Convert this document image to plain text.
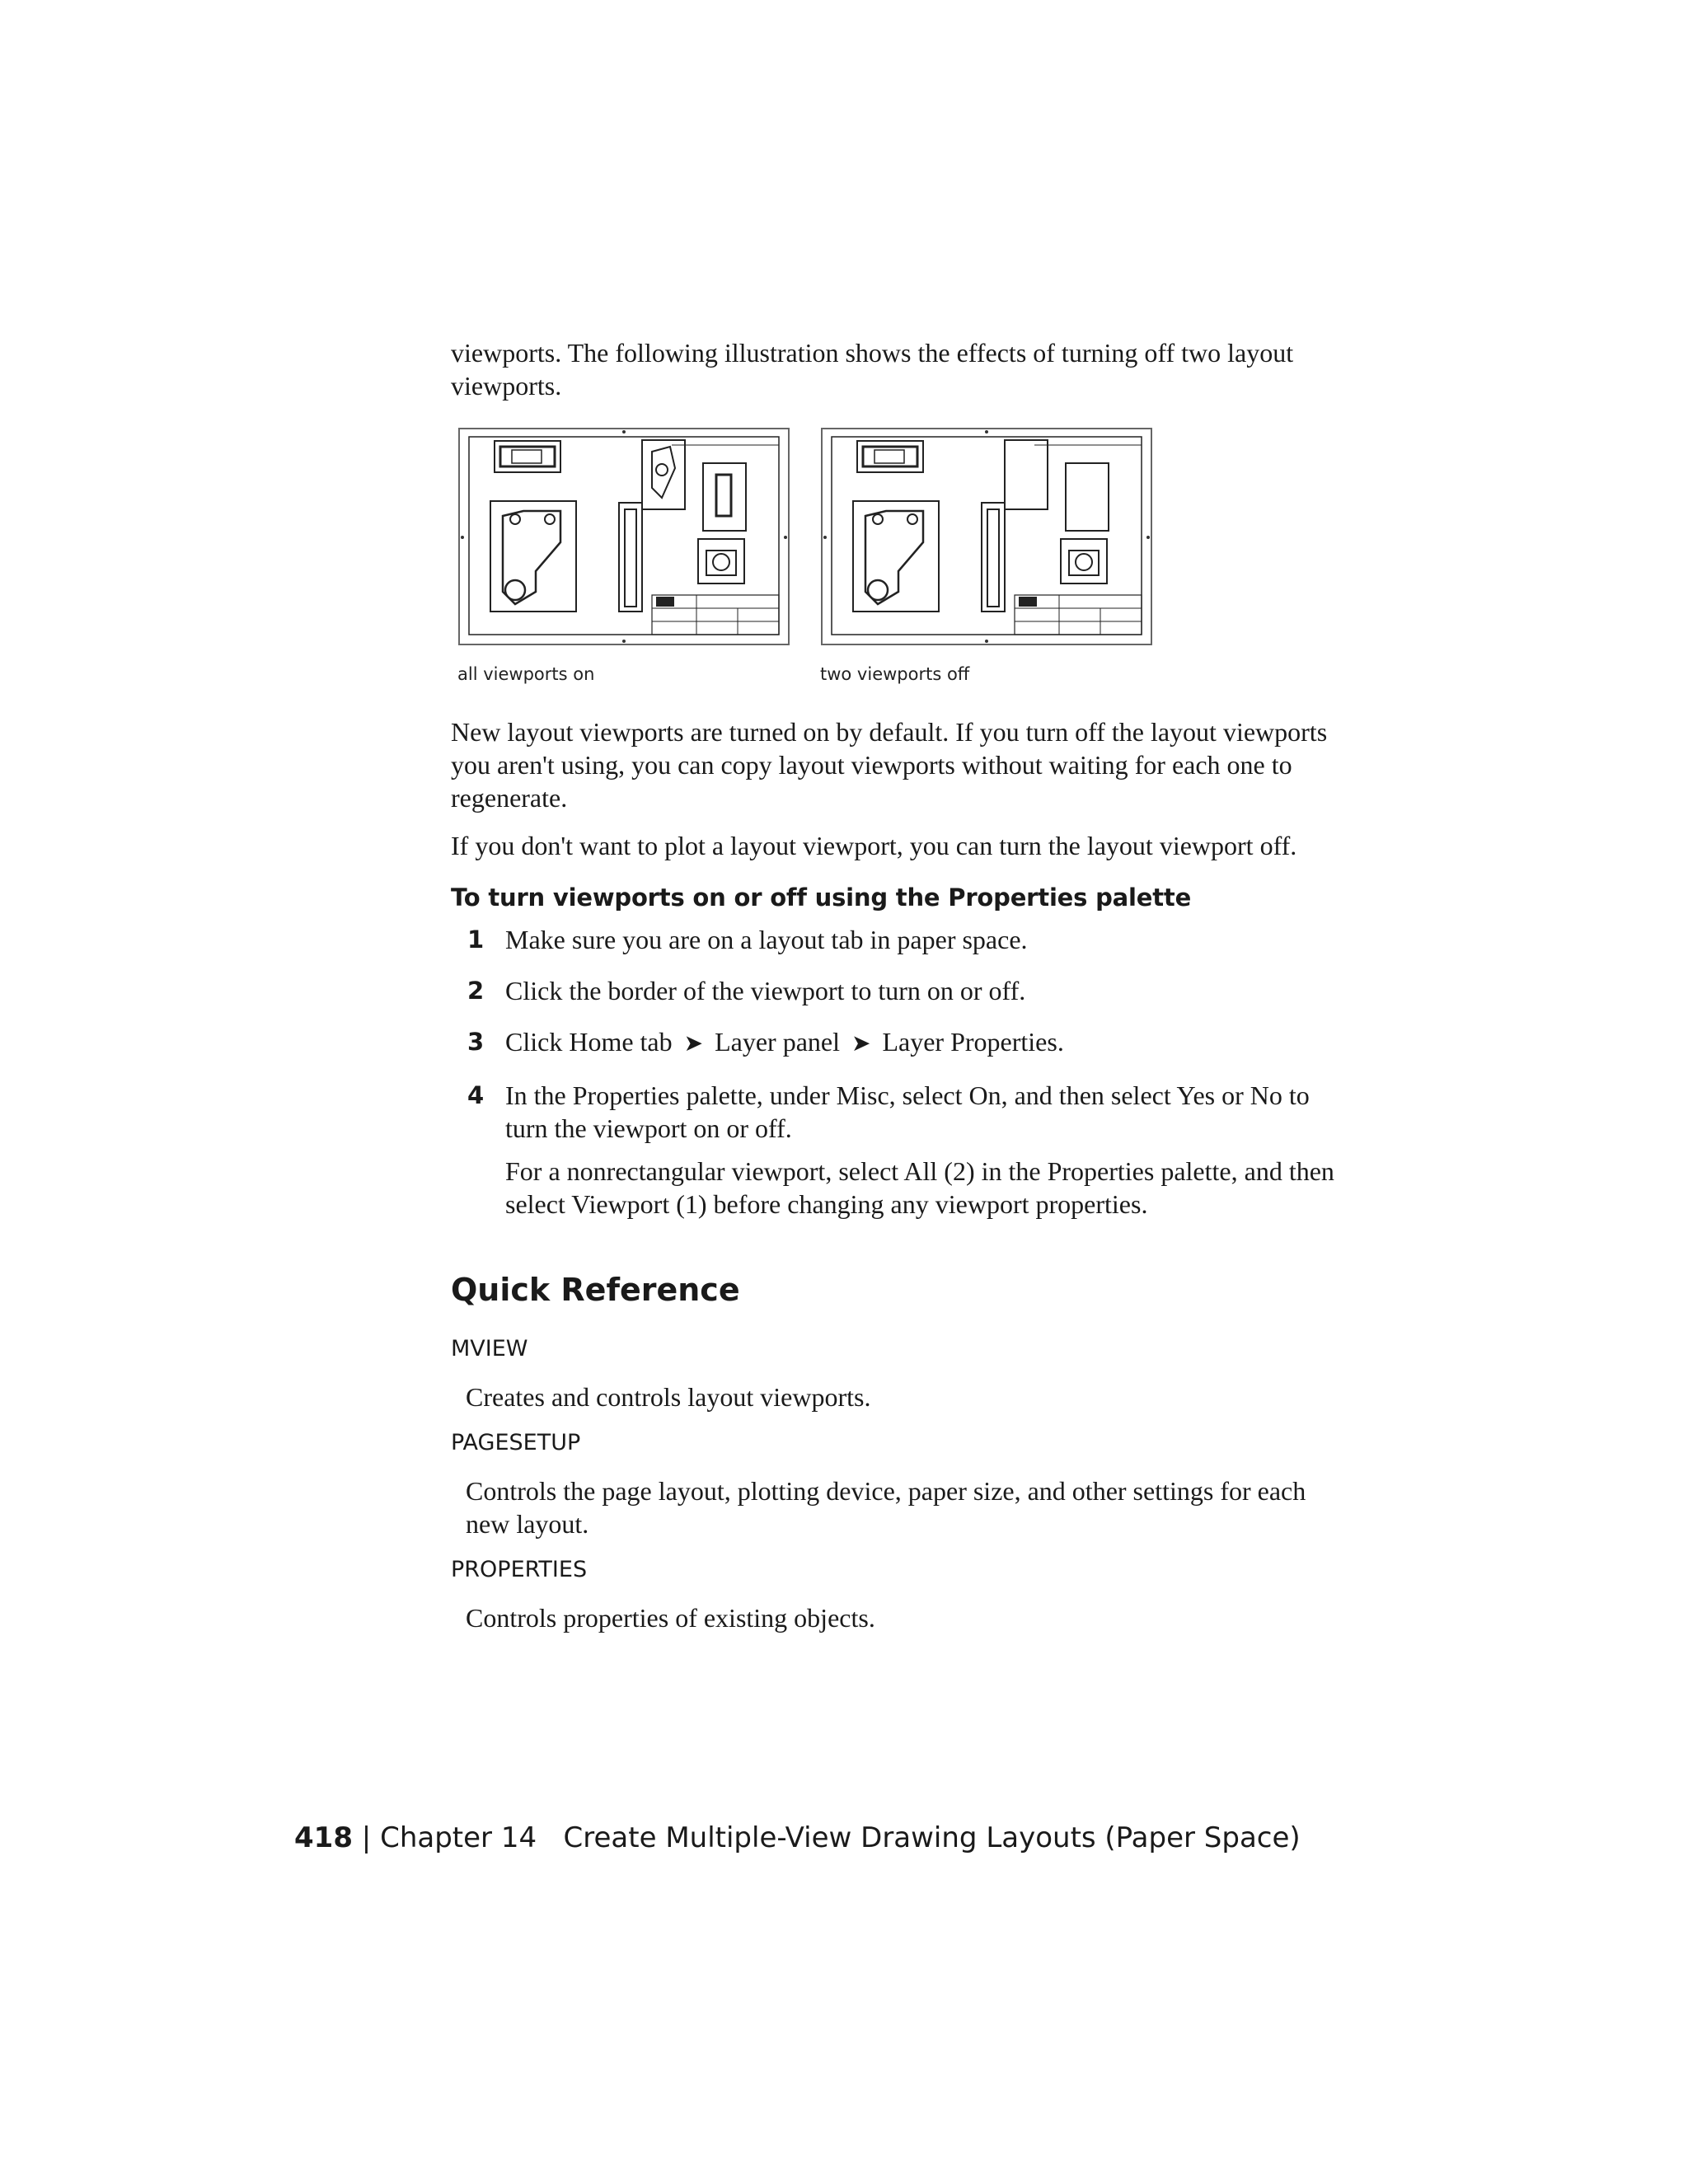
viewports. The following illustration shows the effects of turning off two layout viewports.

all viewports on	two viewports off

New layout viewports are turned on by default. If you turn off the layout viewports you aren't using, you can copy layout viewports without waiting for each one to regenerate.

If you don't want to plot a layout viewport, you can turn the layout viewport off.

To turn viewports on or off using the Properties palette
1 Make sure you are on a layout tab in paper space.

2 Click the border of the viewport to turn on or off.

3 Click Home tab ➤ Layer panel ➤ Layer Properties.

4 In the Properties palette, under Misc, select On, and then select Yes or No to turn the viewport on or off.

For a nonrectangular viewport, select All (2) in the Properties palette, and then select Viewport (1) before changing any viewport properties.

Quick Reference
MVIEW

Creates and controls layout viewports.

PAGESETUP

Controls the page layout, plotting device, paper size, and other settings for each new layout.

PROPERTIES

Controls properties of existing objects.

418 | Chapter 14 Create Multiple-View Drawing Layouts (Paper Space)
